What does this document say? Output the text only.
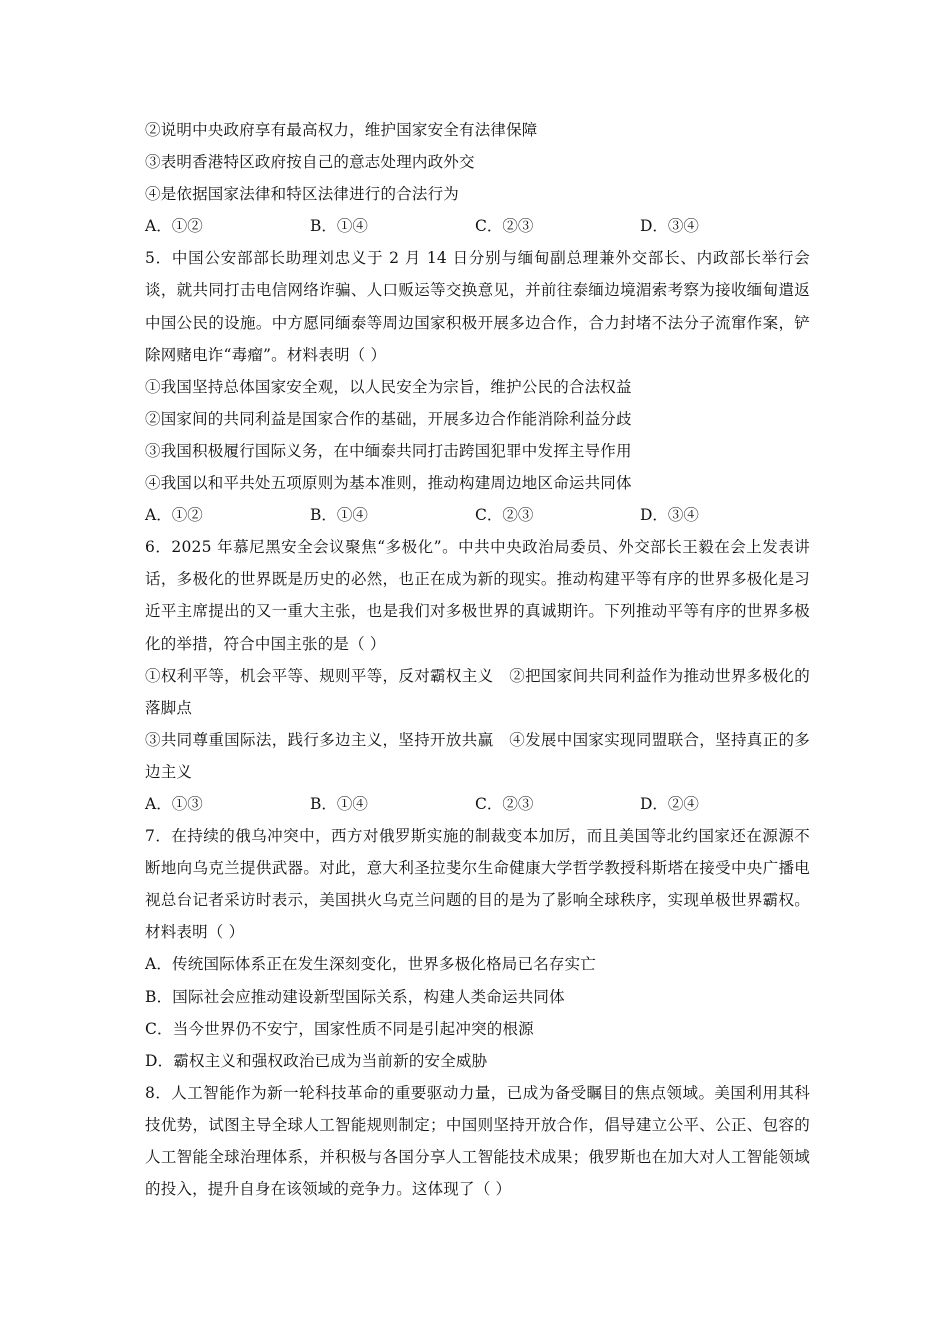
②说明中央政府享有最高权力，维护国家安全有法律保障
③表明香港特区政府按自己的意志处理内政外交
④是依据国家法律和特区法律进行的合法行为
A．①②	B．①④	C．②③	D．③④
5．中国公安部部长助理刘忠义于 2 月 14 日分别与缅甸副总理兼外交部长、内政部长举行会谈，就共同打击电信网络诈骗、人口贩运等交换意见，并前往泰缅边境湄索考察为接收缅甸遣返中国公民的设施。中方愿同缅泰等周边国家积极开展多边合作，合力封堵不法分子流窜作案，铲除网赌电诈“毒瘤”。材料表明（ ）
①我国坚持总体国家安全观，以人民安全为宗旨，维护公民的合法权益
②国家间的共同利益是国家合作的基础，开展多边合作能消除利益分歧
③我国积极履行国际义务，在中缅泰共同打击跨国犯罪中发挥主导作用
④我国以和平共处五项原则为基本准则，推动构建周边地区命运共同体
A．①②	B．①④	C．②③	D．③④
6．2025 年慕尼黑安全会议聚焦“多极化”。中共中央政治局委员、外交部长王毅在会上发表讲话，多极化的世界既是历史的必然，也正在成为新的现实。推动构建平等有序的世界多极化是习近平主席提出的又一重大主张，也是我们对多极世界的真诚期许。下列推动平等有序的世界多极化的举措，符合中国主张的是（ ）
①权利平等，机会平等、规则平等，反对霸权主义　②把国家间共同利益作为推动世界多极化的落脚点
③共同尊重国际法，践行多边主义，坚持开放共赢　④发展中国家实现同盟联合，坚持真正的多边主义
A．①③	B．①④	C．②③	D．②④
7．在持续的俄乌冲突中，西方对俄罗斯实施的制裁变本加厉，而且美国等北约国家还在源源不断地向乌克兰提供武器。对此，意大利圣拉斐尔生命健康大学哲学教授科斯塔在接受中央广播电视总台记者采访时表示，美国拱火乌克兰问题的目的是为了影响全球秩序，实现单极世界霸权。材料表明（ ）
A．传统国际体系正在发生深刻变化，世界多极化格局已名存实亡
B．国际社会应推动建设新型国际关系，构建人类命运共同体
C．当今世界仍不安宁，国家性质不同是引起冲突的根源
D．霸权主义和强权政治已成为当前新的安全威胁
8．人工智能作为新一轮科技革命的重要驱动力量，已成为备受瞩目的焦点领域。美国利用其科技优势，试图主导全球人工智能规则制定；中国则坚持开放合作，倡导建立公平、公正、包容的人工智能全球治理体系，并积极与各国分享人工智能技术成果；俄罗斯也在加大对人工智能领域的投入，提升自身在该领域的竞争力。这体现了（ ）
